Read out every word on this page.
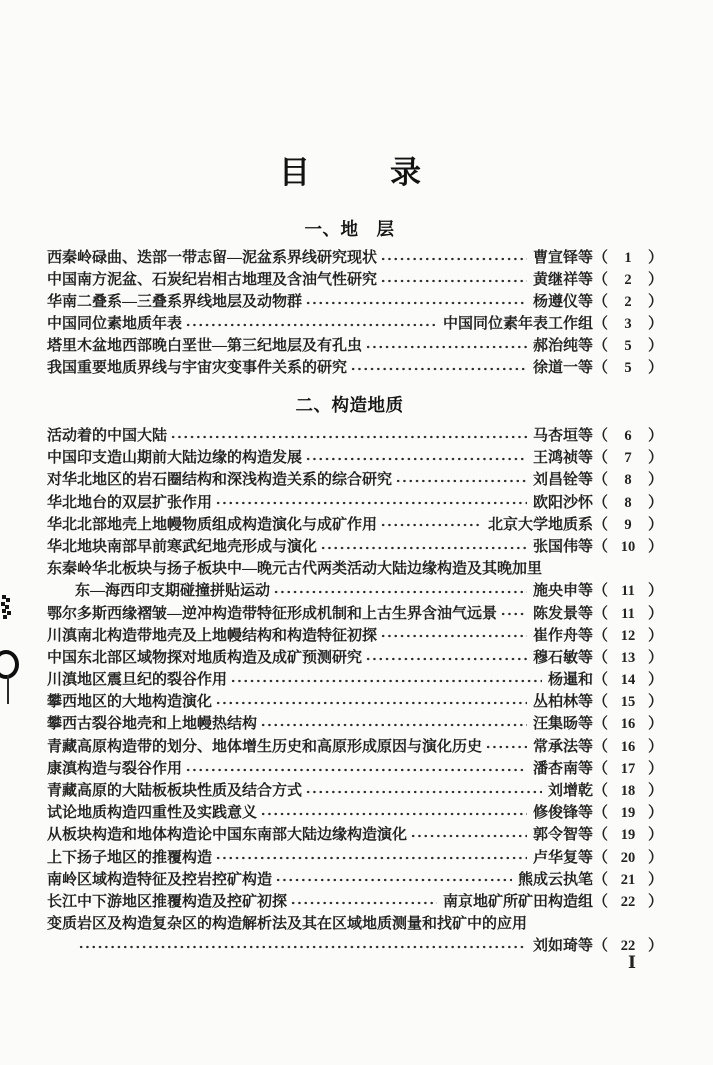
目	录
一、地　层
西秦岭碌曲、迭部一带志留—泥盆系界线研究现状	曹宣铎等 （	1	）
中国南方泥盆、石炭纪岩相古地理及含油气性研究	黄继祥等 （	2	）
华南二叠系—三叠系界线地层及动物群	杨遵仪等 （	2	）
中国同位素地质年表	中国同位素年表工作组 （	3	）
塔里木盆地西部晚白垩世—第三纪地层及有孔虫	郝治纯等 （	5	）
我国重要地质界线与宇宙灾变事件关系的研究	徐道一等 （	5	）
二、构造地质
活动着的中国大陆	马杏垣等 （	6	）
中国印支造山期前大陆边缘的构造发展	王鸿祯等 （	7	）
对华北地区的岩石圈结构和深浅构造关系的综合研究	刘昌铨等 （	8	）
华北地台的双层扩张作用	欧阳沙怀 （	8	）
华北北部地壳上地幔物质组成构造演化与成矿作用	北京大学地质系 （	9	）
华北地块南部早前寒武纪地壳形成与演化	张国伟等 （ 10 ）
东秦岭华北板块与扬子板块中—晚元古代两类活动大陆边缘构造及其晚加里
东—海西印支期碰撞拼贴运动	施央申等 （ 11 ）
鄂尔多斯西缘褶皱—逆冲构造带特征形成机制和上古生界含油气远景 陈发景等 （ 11 ）
川滇南北构造带地壳及上地幔结构和构造特征初探	崔作舟等 （ 12 ）
中国东北部区域物探对地质构造及成矿预测研究	穆石敏等 （ 13 ）
川滇地区震旦纪的裂谷作用	杨暹和 （ 14 ）
攀西地区的大地构造演化	丛柏林等 （ 15 ）
攀西古裂谷地壳和上地幔热结构	汪集旸等 （ 16 ）
青藏高原构造带的划分、地体增生历史和高原形成原因与演化历史	常承法等 （ 16 ）
康滇构造与裂谷作用	潘杏南等 （ 17 ）
青藏高原的大陆板板块性质及结合方式	刘增乾 （ 18 ）
试论地质构造四重性及实践意义	修俊锋等 （ 19 ）
从板块构造和地体构造论中国东南部大陆边缘构造演化	郭令智等 （ 19 ）
上下扬子地区的推覆构造	卢华复等 （ 20 ）
南岭区域构造特征及控岩控矿构造	熊成云执笔 （ 21 ）
长江中下游地区推覆构造及控矿初探	南京地矿所矿田构造组 （ 22 ）
变质岩区及构造复杂区的构造解析法及其在区域地质测量和找矿中的应用
刘如琦等 （ 22 ）
I
